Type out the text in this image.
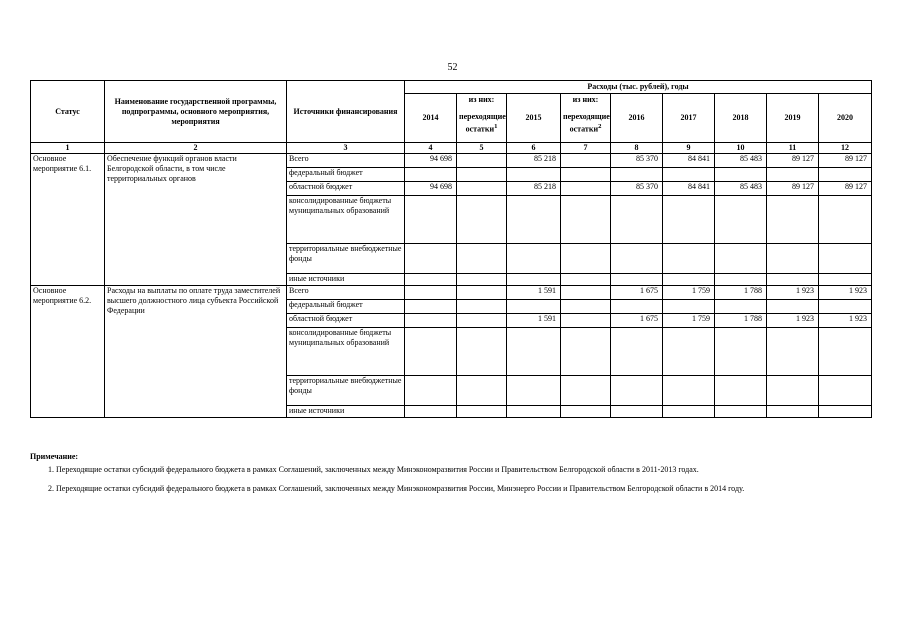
52
Статус	Наименование государственной программы, подпрограммы, основного мероприятия, мероприятия	Источники финансирования	Расходы (тыс. рублей), годы								
			2014	из них:	2015	из них:	2016	2017	2018	2019	2020
				переходящие остатки$^1$		переходящие остатки$^2$
1	2	3	4	5	6	7	8	9	10	11	12
Основное мероприятие 6.1.	Обеспечение функций органов власти Белгородской области, в том числе территориальных органов	Всего	94 698		85 218		85 370	84 841	85 483	89 127	89 127
		федеральный бюджет									
		областной бюджет	94 698		85 218		85 370	84 841	85 483	89 127	89 127
		консолидированные бюджеты муниципальных образований									
		территориальные внебюджетные фонды									
		иные источники									
Основное мероприятие 6.2.	Расходы на выплаты по оплате труда заместителей высшего должностного лица субъекта Российской Федерации	Всего			1 591		1 675	1 759	1 788	1 923	1 923
		федеральный бюджет									
		областной бюджет			1 591		1 675	1 759	1 788	1 923	1 923
		консолидированные бюджеты муниципальных образований									
		территориальные внебюджетные фонды									
		иные источники									
Примечание:
1. Переходящие остатки субсидий федерального бюджета в рамках Соглашений, заключенных между Минэкономразвития России и Правительством Белгородской области в 2011-2013 годах.
2. Переходящие остатки субсидий федерального бюджета в рамках Соглашений, заключенных между Минэкономразвития России, Минэнерго России и Правительством Белгородской области в 2014 году.
